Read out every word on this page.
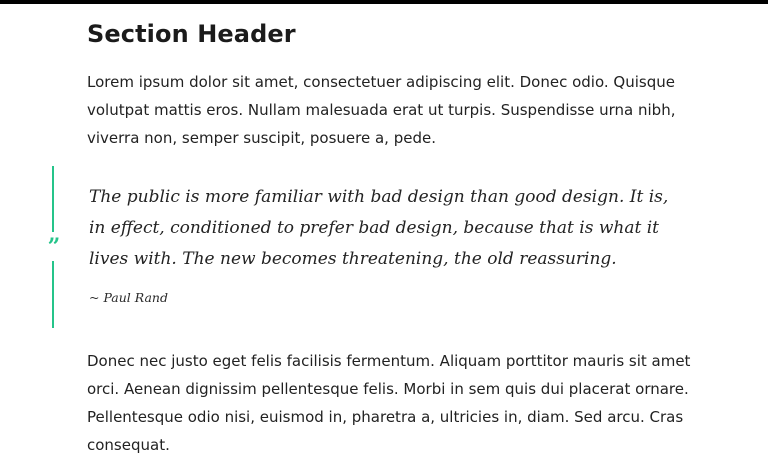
Section Header

Lorem ipsum dolor sit amet, consectetuer adipiscing elit. Donec odio. Quisque volutpat mattis eros. Nullam malesuada erat ut turpis. Suspendisse urna nibh, viverra non, semper suscipit, posuere a, pede.

”

The public is more familiar with bad design than good design. It is, in effect, conditioned to prefer bad design, because that is what it lives with. The new becomes threatening, the old reassuring.

~ Paul Rand

Donec nec justo eget felis facilisis fermentum. Aliquam porttitor mauris sit amet orci. Aenean dignissim pellentesque felis. Morbi in sem quis dui placerat ornare. Pellentesque odio nisi, euismod in, pharetra a, ultricies in, diam. Sed arcu. Cras consequat.
